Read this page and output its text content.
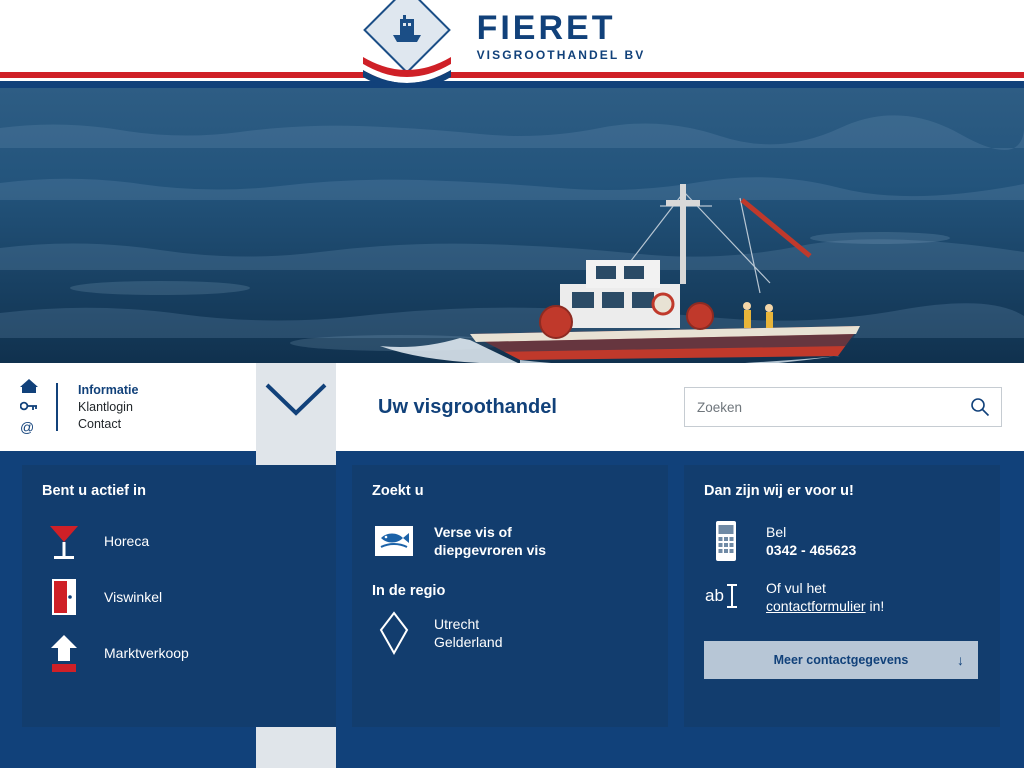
FIERET
VISGROOTHANDEL BV
@
Informatie
Klantlogin
Contact
Uw visgroothandel
Zoeken
Bent u actief in
Horeca
Viswinkel
Marktverkoop
Zoekt u
Verse vis of
diepgevroren vis
In de regio
Utrecht
Gelderland
Dan zijn wij er voor u!
Bel
0342 - 465623
ab	Of vul het
contactformulier in!
Meer contactgegevens	↓
